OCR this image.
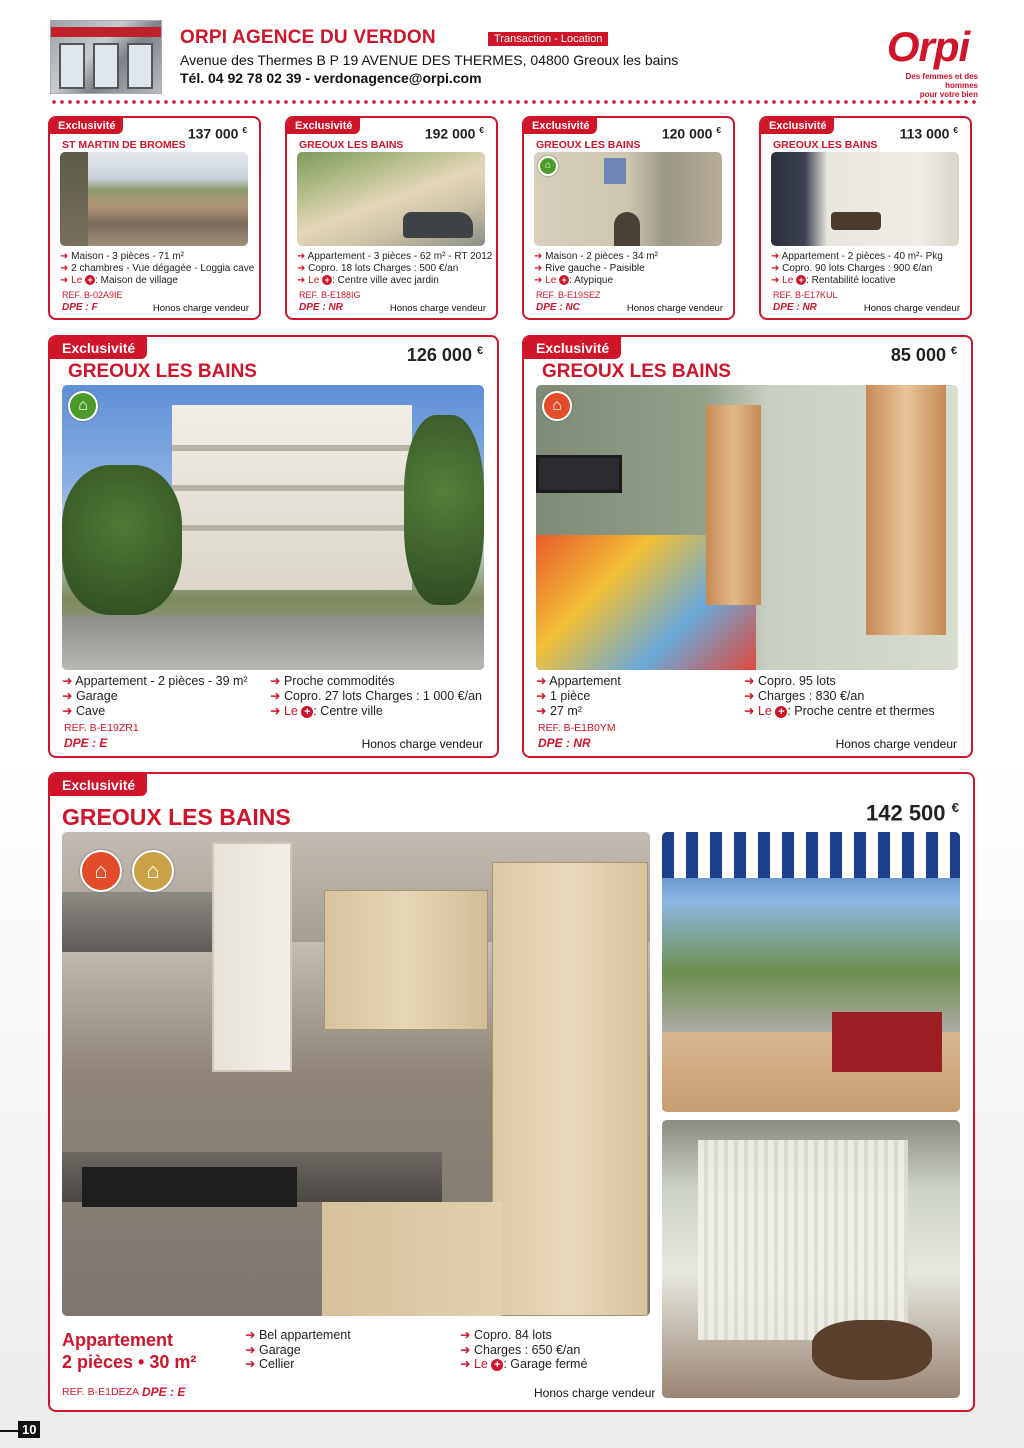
ORPI AGENCE DU VERDON	Transaction - Location
Avenue des Thermes B P 19 AVENUE DES THERMES, 04800 Greoux les bains
Tél. 04 92 78 02 39 - verdonagence@orpi.com
Orpi
Des femmes et des hommes
pour votre bien
Exclusivité	137 000 €
ST MARTIN DE BROMES
➜ Maison - 3 pièces - 71 m²
➜ 2 chambres - Vue dégagée - Loggia cave
➜ Le + : Maison de village
REF. B-02A9IE
DPE : F	Honos charge vendeur
Exclusivité	192 000 €
GREOUX LES BAINS
➜ Appartement - 3 pièces - 62 m² - RT 2012
➜ Copro. 18 lots Charges : 500 €/an
➜ Le + : Centre ville avec jardin
REF. B-E188IG
DPE : NR	Honos charge vendeur
Exclusivité	120 000 €
GREOUX LES BAINS
⌂
➜ Maison - 2 pièces - 34 m²
➜ Rive gauche - Paisible
➜ Le + : Atypique
REF. B-E19SEZ
DPE : NC	Honos charge vendeur
Exclusivité	113 000 €
GREOUX LES BAINS
➜ Appartement - 2 pièces - 40 m²- Pkg
➜ Copro. 90 lots Charges : 900 €/an
➜ Le + : Rentabilité locative
REF. B-E17KUL
DPE : NR	Honos charge vendeur
Exclusivité	126 000 €
GREOUX LES BAINS
⌂
➜ Appartement - 2 pièces - 39 m²
➜ Garage
➜ Cave
➜ Proche commodités
➜ Copro. 27 lots Charges : 1 000 €/an
➜ Le + : Centre ville
REF. B-E19ZR1
DPE : E	Honos charge vendeur
Exclusivité	85 000 €
GREOUX LES BAINS
⌂
➜ Appartement
➜ 1 pièce
➜ 27 m²
➜ Copro. 95 lots
➜ Charges : 830 €/an
➜ Le + : Proche centre et thermes
REF. B-E1B0YM
DPE : NR	Honos charge vendeur
Exclusivité
142 500 €
GREOUX LES BAINS
⌂	⌂
Appartement
2 pièces • 30 m²
➜ Bel appartement
➜ Garage
➜ Cellier
➜ Copro. 84 lots
➜ Charges : 650 €/an
➜ Le + : Garage fermé
REF. B-E1DEZA DPE : E	Honos charge vendeur
10
